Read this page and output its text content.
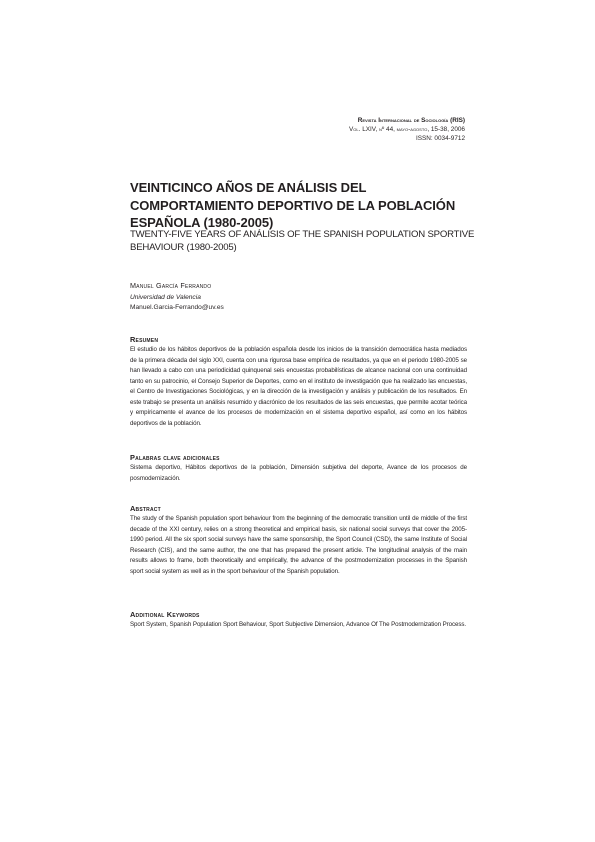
Revista Internacional de Sociología (RIS)
Vol. LXIV, nº 44, mayo-agosto, 15-38, 2006
ISSN: 0034-9712
VEINTICINCO AÑOS DE ANÁLISIS DEL COMPORTAMIENTO DEPORTIVO DE LA POBLACIÓN ESPAÑOLA (1980-2005)

TWENTY-FIVE YEARS OF ANÁLISIS OF THE SPANISH POPULATION SPORTIVE BEHAVIOUR (1980-2005)

Manuel García Ferrando
Universidad de Valencia
Manuel.Garcia-Ferrando@uv.es
Resumen

El estudio de los hábitos deportivos de la población española desde los inicios de la transición democrática hasta mediados de la primera década del siglo XXI, cuenta con una rigurosa base empírica de resultados, ya que en el periodo 1980-2005 se han llevado a cabo con una periodicidad quinquenal seis encuestas probabilísticas de alcance nacional con una continuidad tanto en su patrocinio, el Consejo Superior de Deportes, como en el instituto de investigación que ha realizado las encuestas, el Centro de Investigaciones Sociológicas, y en la dirección de la investigación y análisis y publicación de los resultados. En este trabajo se presenta un análisis resumido y diacrónico de los resultados de las seis encuestas, que permite acotar teórica y empíricamente el avance de los procesos de modernización en el sistema deportivo español, así como en los hábitos deportivos de la población.

Palabras clave adicionales

Sistema deportivo, Hábitos deportivos de la población, Dimensión subjetiva del deporte, Avance de los procesos de posmodernización.

Abstract

The study of the Spanish population sport behaviour from the beginning of the democratic transition until de middle of the first decade of the XXI century, relies on a strong theoretical and empirical basis, six national social surveys that cover the 2005-1990 period. All the six sport social surveys have the same sponsorship, the Sport Council (CSD), the same Institute of Social Research (CIS), and the same author, the one that has prepared the present article. The longitudinal analysis of the main results allows to frame, both theoretically and empirically, the advance of the postmodernization processes in the Spanish sport social system as well as in the sport behaviour of the Spanish population.

Additional Keywords

Sport System, Spanish Population Sport Behaviour, Sport Subjective Dimension, Advance Of The Postmodernization Process.
